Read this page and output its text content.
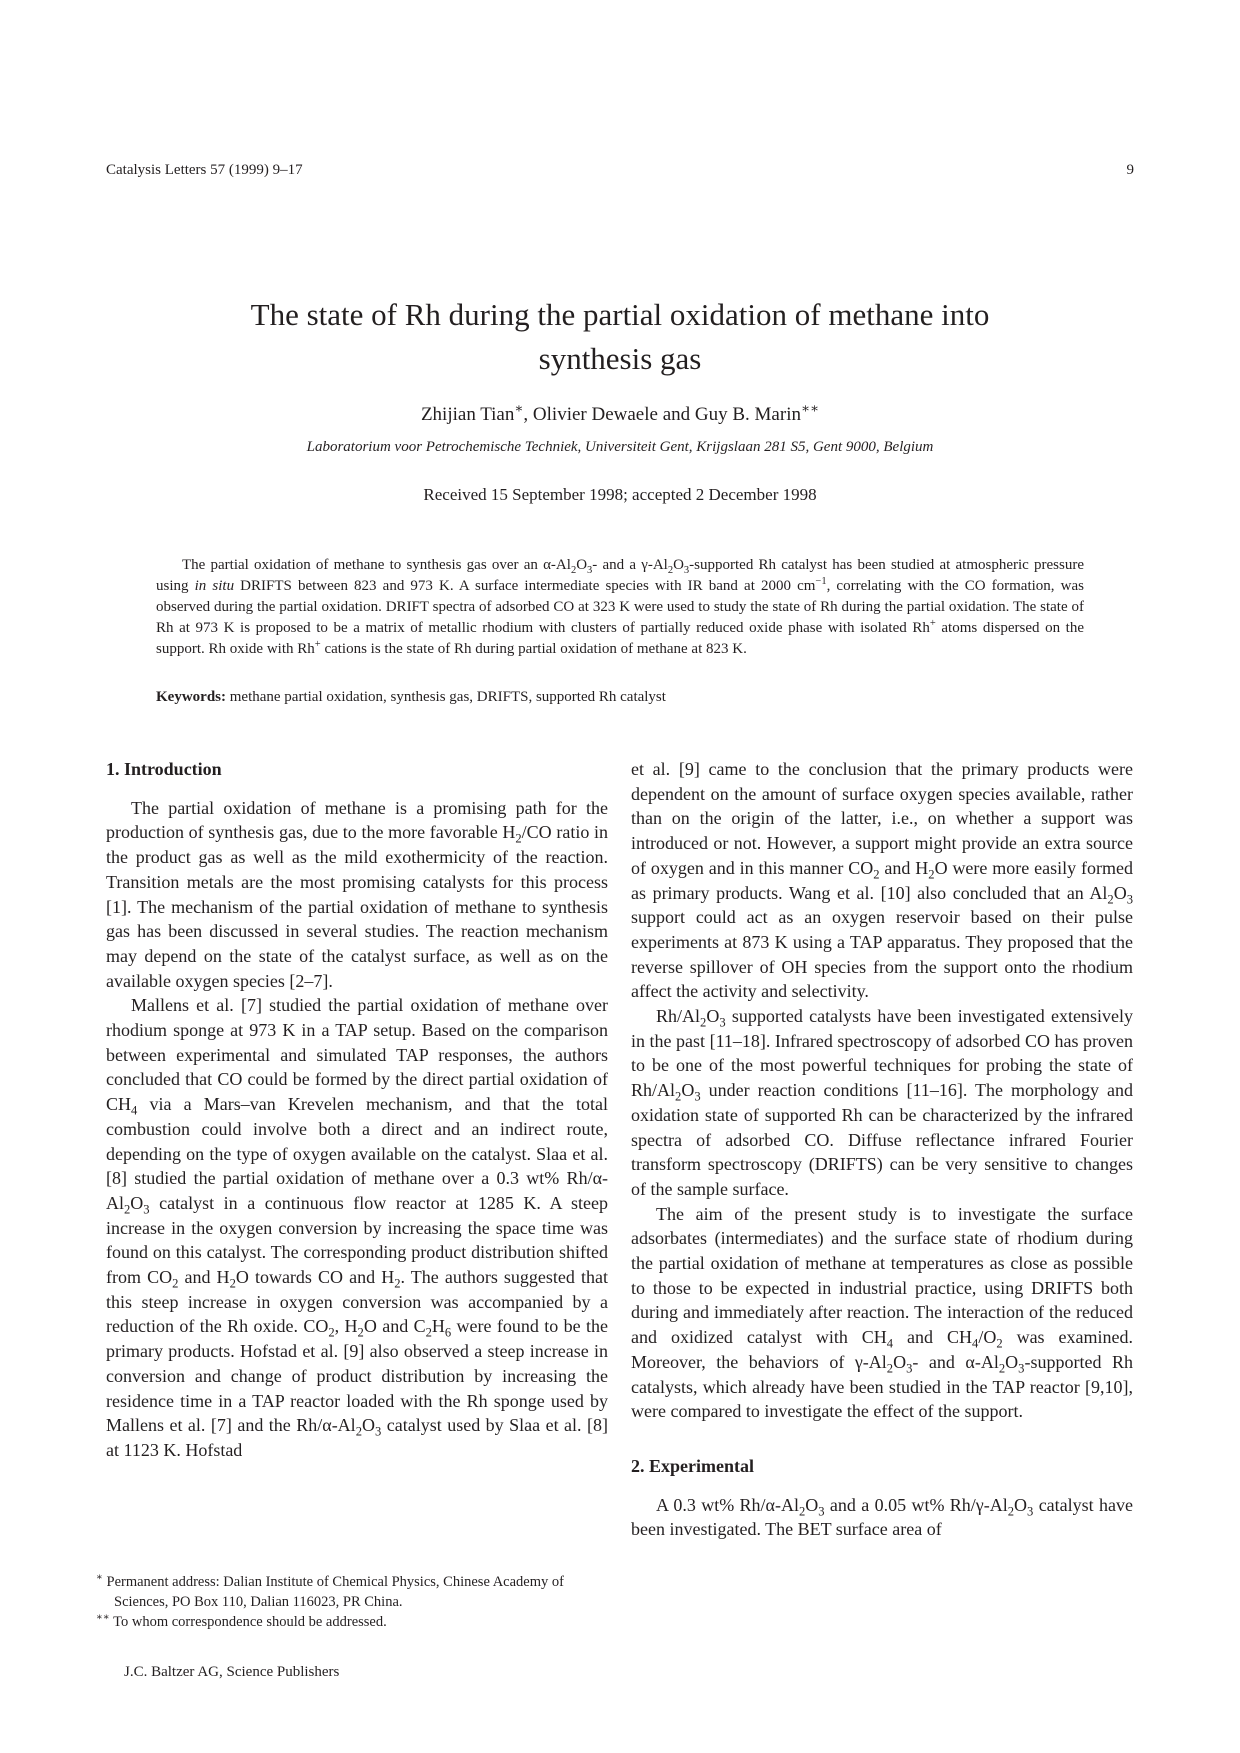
Catalysis Letters 57 (1999) 9–17	9
The state of Rh during the partial oxidation of methane into
synthesis gas
Zhijian Tian∗, Olivier Dewaele and Guy B. Marin∗∗
Laboratorium voor Petrochemische Techniek, Universiteit Gent, Krijgslaan 281 S5, Gent 9000, Belgium
Received 15 September 1998; accepted 2 December 1998

The partial oxidation of methane to synthesis gas over an $\alpha-Al_2O_3-$ and a $\gamma-Al_2O_3$-supported Rh catalyst has been studied at atmospheric pressure using in situ DRIFTS between 823 and 973 K. A surface intermediate species with IR band at 2000 $cm^{-1}$, correlating with the CO formation, was observed during the partial oxidation. DRIFT spectra of adsorbed CO at 323 K were used to study the state of Rh during the partial oxidation. The state of Rh at 973 K is proposed to be a matrix of metallic rhodium with clusters of partially reduced oxide phase with isolated Rh+ atoms dispersed on the support. Rh oxide with Rh+ cations is the state of Rh during partial oxidation of methane at 823 K.

Keywords: methane partial oxidation, synthesis gas, DRIFTS, supported Rh catalyst

1. Introduction

The partial oxidation of methane is a promising path for the production of synthesis gas, due to the more favorable $H_2/CO$ ratio in the product gas as well as the mild exothermicity of the reaction. Transition metals are the most promising catalysts for this process [1]. The mechanism of the partial oxidation of methane to synthesis gas has been discussed in several studies. The reaction mechanism may depend on the state of the catalyst surface, as well as on the available oxygen species [2–7].

Mallens et al. [7] studied the partial oxidation of methane over rhodium sponge at 973 K in a TAP setup. Based on the comparison between experimental and simulated TAP responses, the authors concluded that CO could be formed by the direct partial oxidation of $CH_4$ via a Mars–van Krevelen mechanism, and that the total combustion could involve both a direct and an indirect route, depending on the type of oxygen available on the catalyst. Slaa et al. [8] studied the partial oxidation of methane over a 0.3 wt% $Rh/\alpha-Al_2O_3$ catalyst in a continuous flow reactor at 1285 K. A steep increase in the oxygen conversion by increasing the space time was found on this catalyst. The corresponding product distribution shifted from $CO_2$ and $H_2O$ towards CO and $H_2$. The authors suggested that this steep increase in oxygen conversion was accompanied by a reduction of the Rh oxide. $CO_2$, $H_2O$ and $C_2H_6$ were found to be the primary products. Hofstad et al. [9] also observed a steep increase in conversion and change of product distribution by increasing the residence time in a TAP reactor loaded with the Rh sponge used by Mallens et al. [7] and the $Rh/\alpha-Al_2O_3$ catalyst used by Slaa et al. [8] at 1123 K. Hofstad

et al. [9] came to the conclusion that the primary products were dependent on the amount of surface oxygen species available, rather than on the origin of the latter, i.e., on whether a support was introduced or not. However, a support might provide an extra source of oxygen and in this manner $CO_2$ and $H_2O$ were more easily formed as primary products. Wang et al. [10] also concluded that an $Al_2O_3$ support could act as an oxygen reservoir based on their pulse experiments at 873 K using a TAP apparatus. They proposed that the reverse spillover of OH species from the support onto the rhodium affect the activity and selectivity.

$Rh/Al_2O_3$ supported catalysts have been investigated extensively in the past [11–18]. Infrared spectroscopy of adsorbed CO has proven to be one of the most powerful techniques for probing the state of $Rh/Al_2O_3$ under reaction conditions [11–16]. The morphology and oxidation state of supported Rh can be characterized by the infrared spectra of adsorbed CO. Diffuse reflectance infrared Fourier transform spectroscopy (DRIFTS) can be very sensitive to changes of the sample surface.

The aim of the present study is to investigate the surface adsorbates (intermediates) and the surface state of rhodium during the partial oxidation of methane at temperatures as close as possible to those to be expected in industrial practice, using DRIFTS both during and immediately after reaction. The interaction of the reduced and oxidized catalyst with $CH_4$ and $CH_4/O_2$ was examined. Moreover, the behaviors of $\gamma-Al_2O_3-$ and $\alpha-Al_2O_3$-supported Rh catalysts, which already have been studied in the TAP reactor [9,10], were compared to investigate the effect of the support.

2. Experimental

A 0.3 wt% $Rh/\alpha-Al_2O_3$ and a 0.05 wt% $Rh/\gamma-Al_2O_3$ catalyst have been investigated. The BET surface area of

∗ Permanent address: Dalian Institute of Chemical Physics, Chinese Academy of Sciences, PO Box 110, Dalian 116023, PR China.
∗∗ To whom correspondence should be addressed.
J.C. Baltzer AG, Science Publishers
